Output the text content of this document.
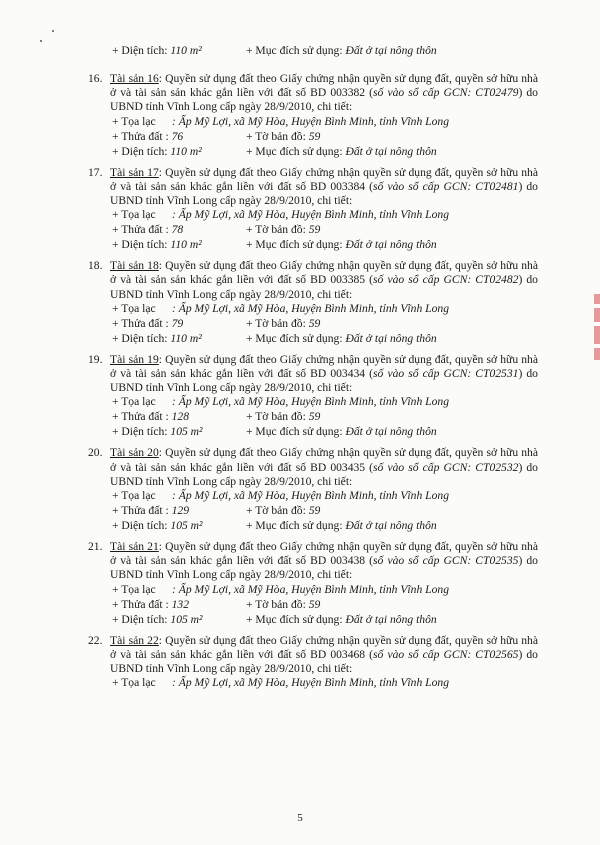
+ Diện tích: 110 m²	+ Mục đích sử dụng: Đất ở tại nông thôn
16. Tài sản 16: Quyền sử dụng đất theo Giấy chứng nhận quyền sử dụng đất, quyền sở hữu nhà ở và tài sản sản khác gắn liền với đất số BD 003382 (số vào sổ cấp GCN: CT02479) do UBND tỉnh Vĩnh Long cấp ngày 28/9/2010, chi tiết:
+ Tọa lạc : Ấp Mỹ Lợi, xã Mỹ Hòa, Huyện Bình Minh, tỉnh Vĩnh Long
+ Thửa đất : 76	+ Tờ bản đồ: 59
+ Diện tích: 110 m²	+ Mục đích sử dụng: Đất ở tại nông thôn
17. Tài sản 17: Quyền sử dụng đất theo Giấy chứng nhận quyền sử dụng đất, quyền sở hữu nhà ở và tài sản sản khác gắn liền với đất số BD 003384 (số vào sổ cấp GCN: CT02481) do UBND tỉnh Vĩnh Long cấp ngày 28/9/2010, chi tiết:
+ Tọa lạc : Ấp Mỹ Lợi, xã Mỹ Hòa, Huyện Bình Minh, tỉnh Vĩnh Long
+ Thửa đất : 78	+ Tờ bản đồ: 59
+ Diện tích: 110 m²	+ Mục đích sử dụng: Đất ở tại nông thôn
18. Tài sản 18: Quyền sử dụng đất theo Giấy chứng nhận quyền sử dụng đất, quyền sở hữu nhà ở và tài sản sản khác gắn liền với đất số BD 003385 (số vào sổ cấp GCN: CT02482) do UBND tỉnh Vĩnh Long cấp ngày 28/9/2010, chi tiết:
+ Tọa lạc : Ấp Mỹ Lợi, xã Mỹ Hòa, Huyện Bình Minh, tỉnh Vĩnh Long
+ Thửa đất : 79	+ Tờ bản đồ: 59
+ Diện tích: 110 m²	+ Mục đích sử dụng: Đất ở tại nông thôn
19. Tài sản 19: Quyền sử dụng đất theo Giấy chứng nhận quyền sử dụng đất, quyền sở hữu nhà ở và tài sản sản khác gắn liền với đất số BD 003434 (số vào sổ cấp GCN: CT02531) do UBND tỉnh Vĩnh Long cấp ngày 28/9/2010, chi tiết:
+ Tọa lạc : Ấp Mỹ Lợi, xã Mỹ Hòa, Huyện Bình Minh, tỉnh Vĩnh Long
+ Thửa đất : 128	+ Tờ bản đồ: 59
+ Diện tích: 105 m²	+ Mục đích sử dụng: Đất ở tại nông thôn
20. Tài sản 20: Quyền sử dụng đất theo Giấy chứng nhận quyền sử dụng đất, quyền sở hữu nhà ở và tài sản sản khác gắn liền với đất số BD 003435 (số vào sổ cấp GCN: CT02532) do UBND tỉnh Vĩnh Long cấp ngày 28/9/2010, chi tiết:
+ Tọa lạc : Ấp Mỹ Lợi, xã Mỹ Hòa, Huyện Bình Minh, tỉnh Vĩnh Long
+ Thửa đất : 129	+ Tờ bản đồ: 59
+ Diện tích: 105 m²	+ Mục đích sử dụng: Đất ở tại nông thôn
21. Tài sản 21: Quyền sử dụng đất theo Giấy chứng nhận quyền sử dụng đất, quyền sở hữu nhà ở và tài sản sản khác gắn liền với đất số BD 003438 (số vào sổ cấp GCN: CT02535) do UBND tỉnh Vĩnh Long cấp ngày 28/9/2010, chi tiết:
+ Tọa lạc : Ấp Mỹ Lợi, xã Mỹ Hòa, Huyện Bình Minh, tỉnh Vĩnh Long
+ Thửa đất : 132	+ Tờ bản đồ: 59
+ Diện tích: 105 m²	+ Mục đích sử dụng: Đất ở tại nông thôn
22. Tài sản 22: Quyền sử dụng đất theo Giấy chứng nhận quyền sử dụng đất, quyền sở hữu nhà ở và tài sản sản khác gắn liền với đất số BD 003468 (số vào sổ cấp GCN: CT02565) do UBND tỉnh Vĩnh Long cấp ngày 28/9/2010, chi tiết:
+ Tọa lạc : Ấp Mỹ Lợi, xã Mỹ Hòa, Huyện Bình Minh, tỉnh Vĩnh Long
5
